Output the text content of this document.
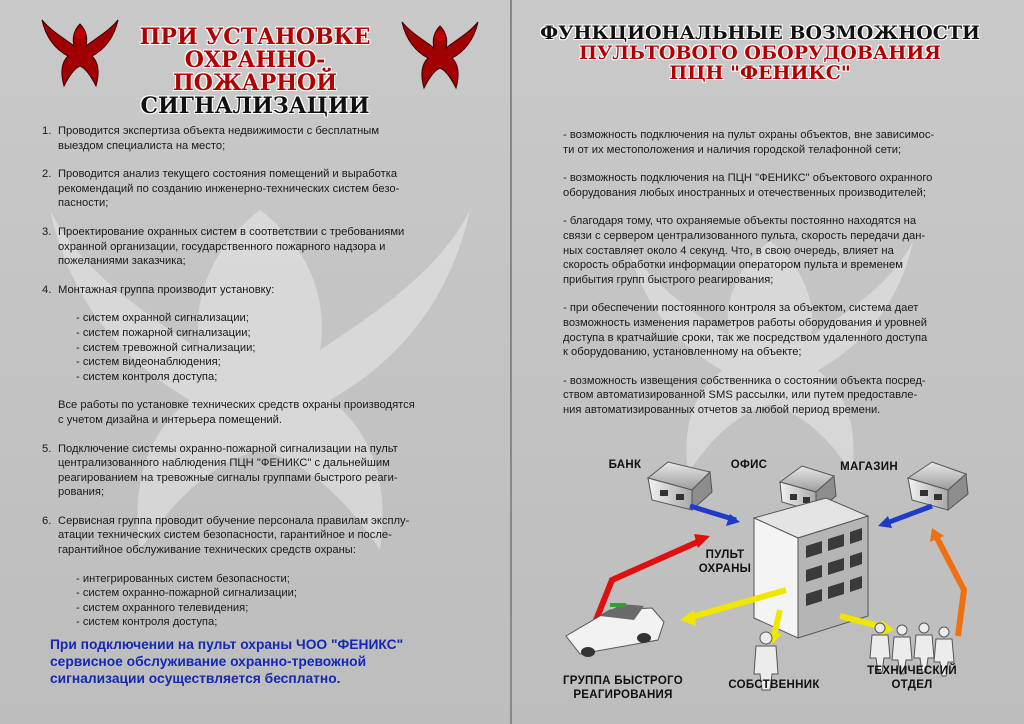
ПРИ УСТАНОВКЕ
ОХРАННО-ПОЖАРНОЙ
СИГНАЛИЗАЦИИ
ФУНКЦИОНАЛЬНЫЕ ВОЗМОЖНОСТИ
ПУЛЬТОВОГО ОБОРУДОВАНИЯ
ПЦН "ФЕНИКС"
1. Проводится экспертиза объекта недвижимости с бесплатным
выездом специалиста на место;
2. Проводится анализ текущего состояния помещений и выработка
рекомендаций по созданию инженерно-технических систем безо-
пасности;
3. Проектирование охранных систем в соответствии с требованиями
охранной организации, государственного пожарного надзора и
пожеланиями заказчика;
4. Монтажная группа производит установку:
- систем охранной сигнализации;
- систем пожарной сигнализации;
- систем тревожной сигнализации;
- систем видеонаблюдения;
- систем контроля доступа;
Все работы по установке технических средств охраны производятся
с учетом дизайна и интерьера помещений.
5. Подключение системы охранно-пожарной сигнализации на пульт
централизованного наблюдения ПЦН "ФЕНИКС" с дальнейшим
реагированием на тревожные сигналы группами быстрого реаги-
рования;
6. Сервисная группа проводит обучение персонала правилам эксплу-
атации технических систем безопасности, гарантийное и после-
гарантийное обслуживание технических средств охраны:
- интегрированных систем безопасности;
- систем охранно-пожарной сигнализации;
- систем охранного телевидения;
- систем контроля доступа;
При подключении на пульт охраны ЧОО "ФЕНИКС"
сервисное обслуживание охранно-тревожной
сигнализации осуществляется бесплатно.
- возможность подключения на пульт охраны объектов, вне зависимос-
ти от их местоположения и наличия городской телафонной сети;
- возможность подключения на ПЦН "ФЕНИКС" объектового охранного
оборудования любых иностранных и отечественных производителей;
- благодаря тому, что охраняемые объекты постоянно находятся на
связи с сервером централизованного пульта, скорость передачи дан-
ных составляет около 4 секунд. Что, в свою очередь, влияет на
скорость обработки информации оператором пульта и временем
прибытия групп быстрого реагирования;
- при обеспечении постоянного контроля за объектом, система дает
возможность изменения параметров работы оборудования и уровней
доступа в кратчайшие сроки, так же посредством удаленного доступа
к оборудованию, установленному на объекте;
- возможность извещения собственника о состоянии объекта посред-
ством автоматизированной SMS рассылки, или путем предоставле-
ния автоматизированных отчетов за любой период времени.
БАНК	ОФИС	МАГАЗИН
ПУЛЬТ
ОХРАНЫ
ГРУППА БЫСТРОГО
РЕАГИРОВАНИЯ
СОБСТВЕННИК
ТЕХНИЧЕСКИЙ
ОТДЕЛ
